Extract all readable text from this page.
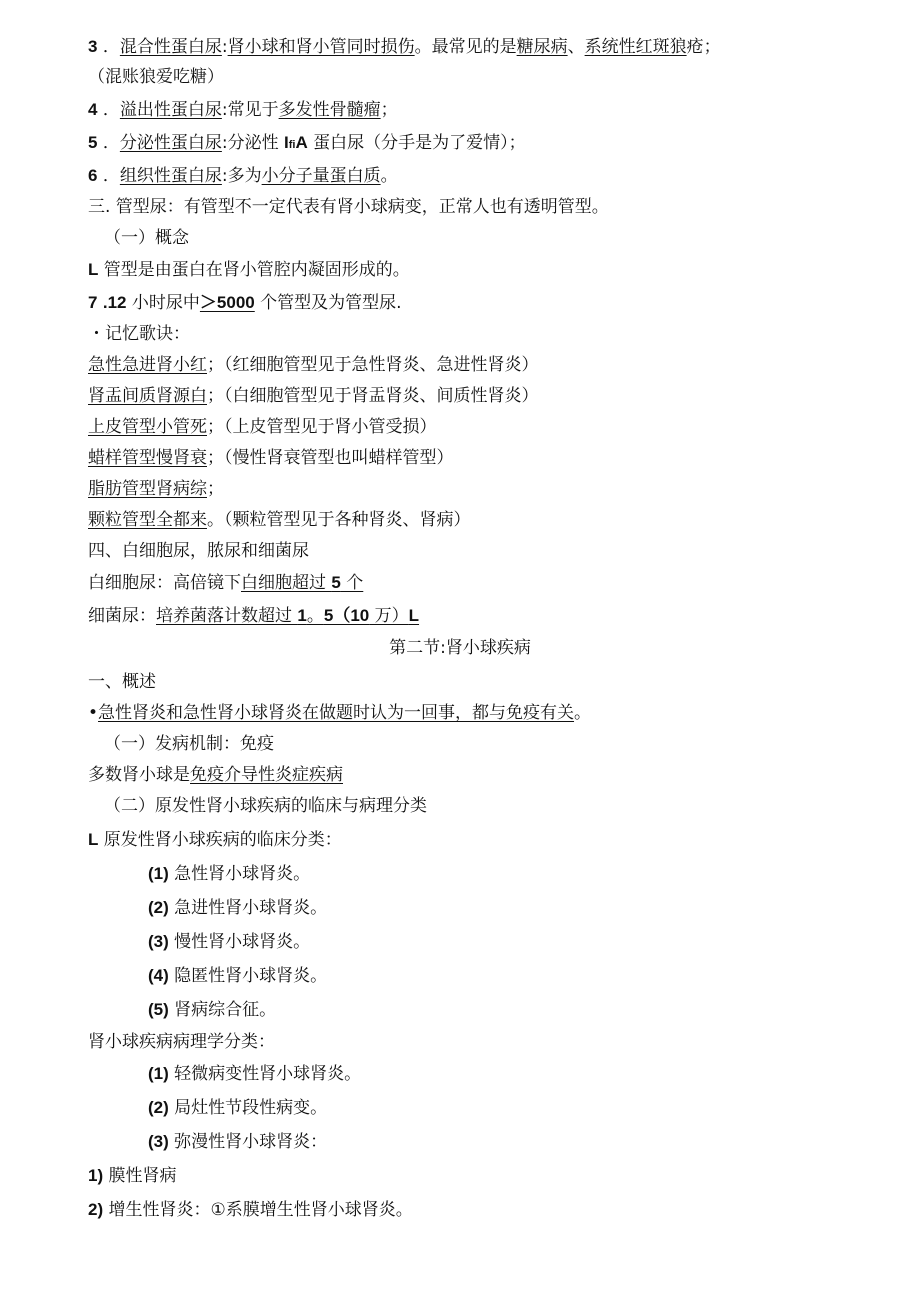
3 ．混合性蛋白尿:肾小球和肾小管同时损伤。最常见的是糖尿病、系统性红斑狼疮；
（混账狼爱吃糖）
4 ．溢出性蛋白尿:常见于多发性骨髓瘤；
5 ．分泌性蛋白尿:分泌性 IfiA 蛋白尿（分手是为了爱情）；
6 ．组织性蛋白尿:多为小分子量蛋白质。
三. 管型尿：有管型不一定代表有肾小球病变，正常人也有透明管型。
（一）概念
L 管型是由蛋白在肾小管腔内凝固形成的。
7 .12 小时尿中＞5000 个管型及为管型尿.
・记忆歌诀：
急性急进肾小红；（红细胞管型见于急性肾炎、急进性肾炎）
肾盂间质肾源白；（白细胞管型见于肾盂肾炎、间质性肾炎）
上皮管型小管死；（上皮管型见于肾小管受损）
蜡样管型慢肾衰；（慢性肾衰管型也叫蜡样管型）
脂肪管型肾病综；
颗粒管型全都来。（颗粒管型见于各种肾炎、肾病）
四、白细胞尿，脓尿和细菌尿
白细胞尿：高倍镜下白细胞超过 5 个
细菌尿：培养菌落计数超过 1。5（10 万）L
第二节:肾小球疾病
一、概述
•急性肾炎和急性肾小球肾炎在做题时认为一回事，都与免疫有关。
（一）发病机制：免疫
多数肾小球是免疫介导性炎症疾病
（二）原发性肾小球疾病的临床与病理分类
L 原发性肾小球疾病的临床分类：
(1) 急性肾小球肾炎。
(2) 急进性肾小球肾炎。
(3) 慢性肾小球肾炎。
(4) 隐匿性肾小球肾炎。
(5) 肾病综合征。
肾小球疾病病理学分类：
(1) 轻微病变性肾小球肾炎。
(2) 局灶性节段性病变。
(3) 弥漫性肾小球肾炎：
1) 膜性肾病
2) 增生性肾炎：①系膜增生性肾小球肾炎。
